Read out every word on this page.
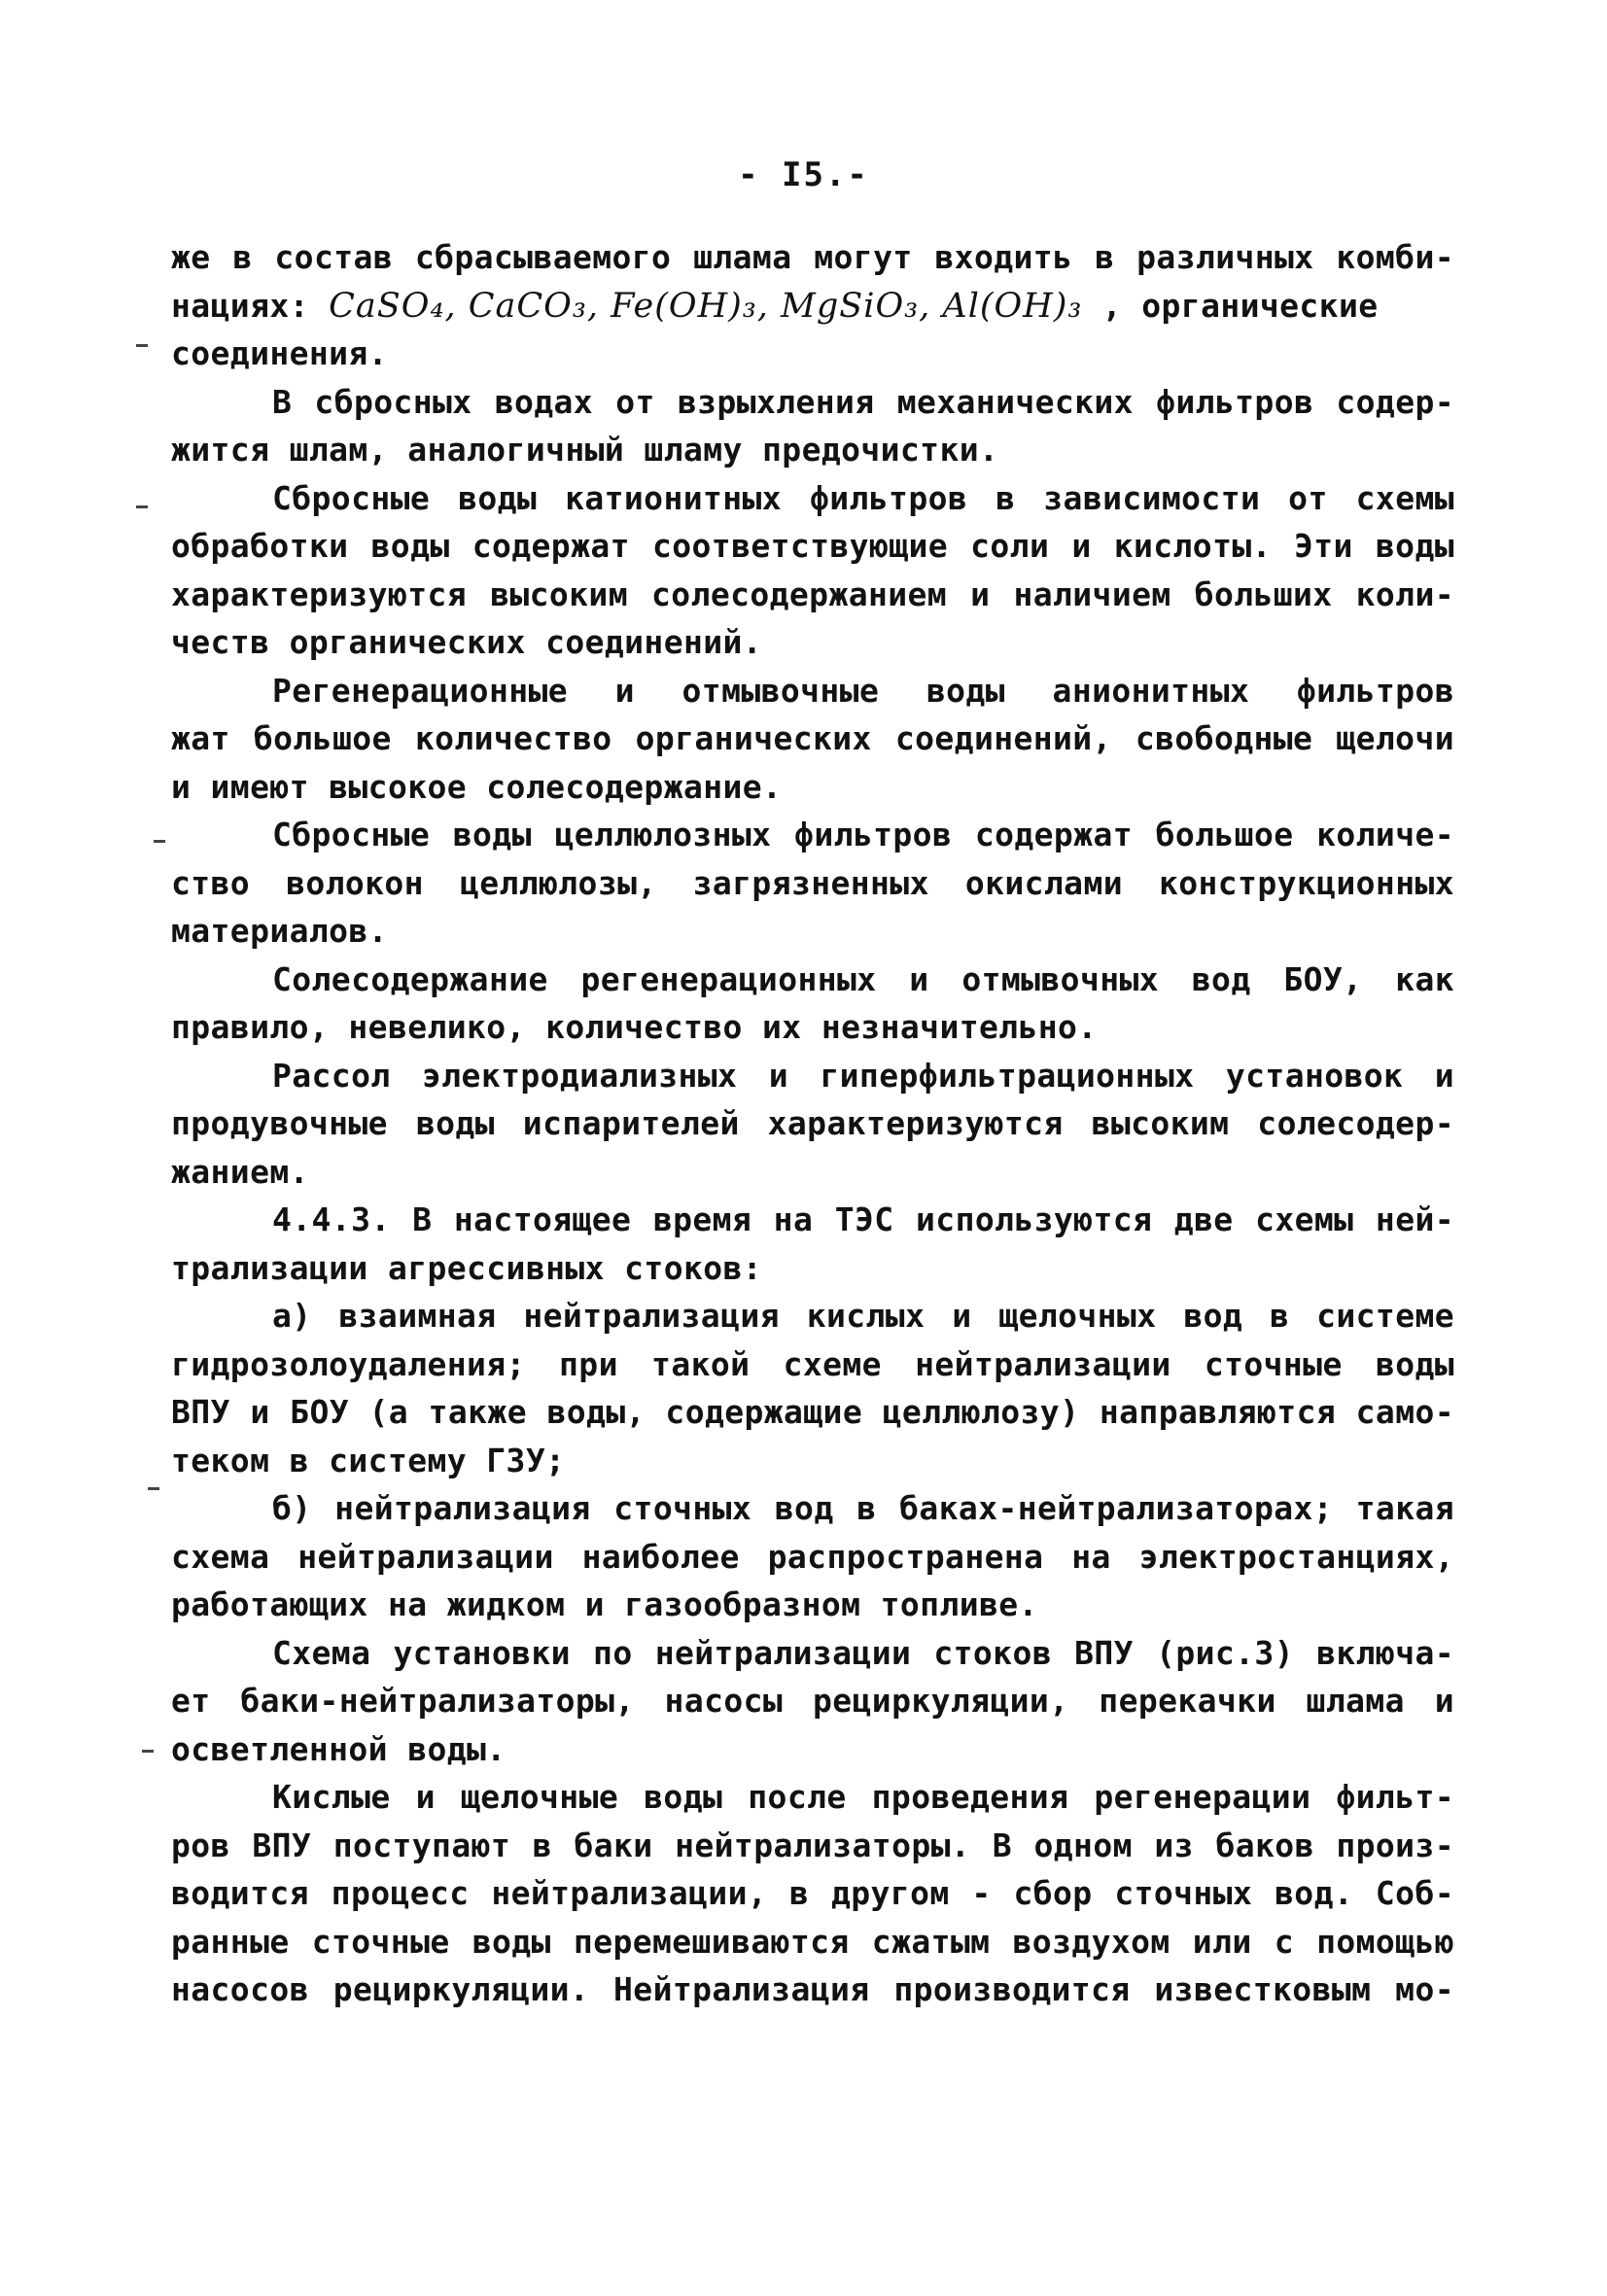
- I5.-
же в состав сбрасываемого шлама могут входить в различных комби-
нациях: CaSO₄, CaCO₃, Fe(OH)₃, MgSiO₃, Al(OH)₃ , органические
соединения.
В сбросных водах от взрыхления механических фильтров содер-
жится шлам, аналогичный шламу предочистки.
Сбросные воды катионитных фильтров в зависимости от схемы
обработки воды содержат соответствующие соли и кислоты. Эти воды
характеризуются высоким солесодержанием и наличием больших коли-
честв органических соединений.
Регенерационные и отмывочные воды анионитных фильтров
жат большое количество органических соединений, свободные щелочи
и имеют высокое солесодержание.
Сбросные воды целлюлозных фильтров содержат большое количе-
ство волокон целлюлозы, загрязненных окислами конструкционных
материалов.
Солесодержание регенерационных и отмывочных вод БОУ, как
правило, невелико, количество их незначительно.
Рассол электродиализных и гиперфильтрационных установок и
продувочные воды испарителей характеризуются высоким солесодер-
жанием.
4.4.3. В настоящее время на ТЭС используются две схемы ней-
трализации агрессивных стоков:
а) взаимная нейтрализация кислых и щелочных вод в системе
гидрозолоудаления; при такой схеме нейтрализации сточные воды
ВПУ и БОУ (а также воды, содержащие целлюлозу) направляются само-
теком в систему ГЗУ;
б) нейтрализация сточных вод в баках-нейтрализаторах; такая
схема нейтрализации наиболее распространена на электростанциях,
работающих на жидком и газообразном топливе.
Схема установки по нейтрализации стоков ВПУ (рис.3) включа-
ет баки-нейтрализаторы, насосы рециркуляции, перекачки шлама и
осветленной воды.
Кислые и щелочные воды после проведения регенерации фильт-
ров ВПУ поступают в баки нейтрализаторы. В одном из баков произ-
водится процесс нейтрализации, в другом - сбор сточных вод. Соб-
ранные сточные воды перемешиваются сжатым воздухом или с помощью
насосов рециркуляции. Нейтрализация производится известковым мо-
